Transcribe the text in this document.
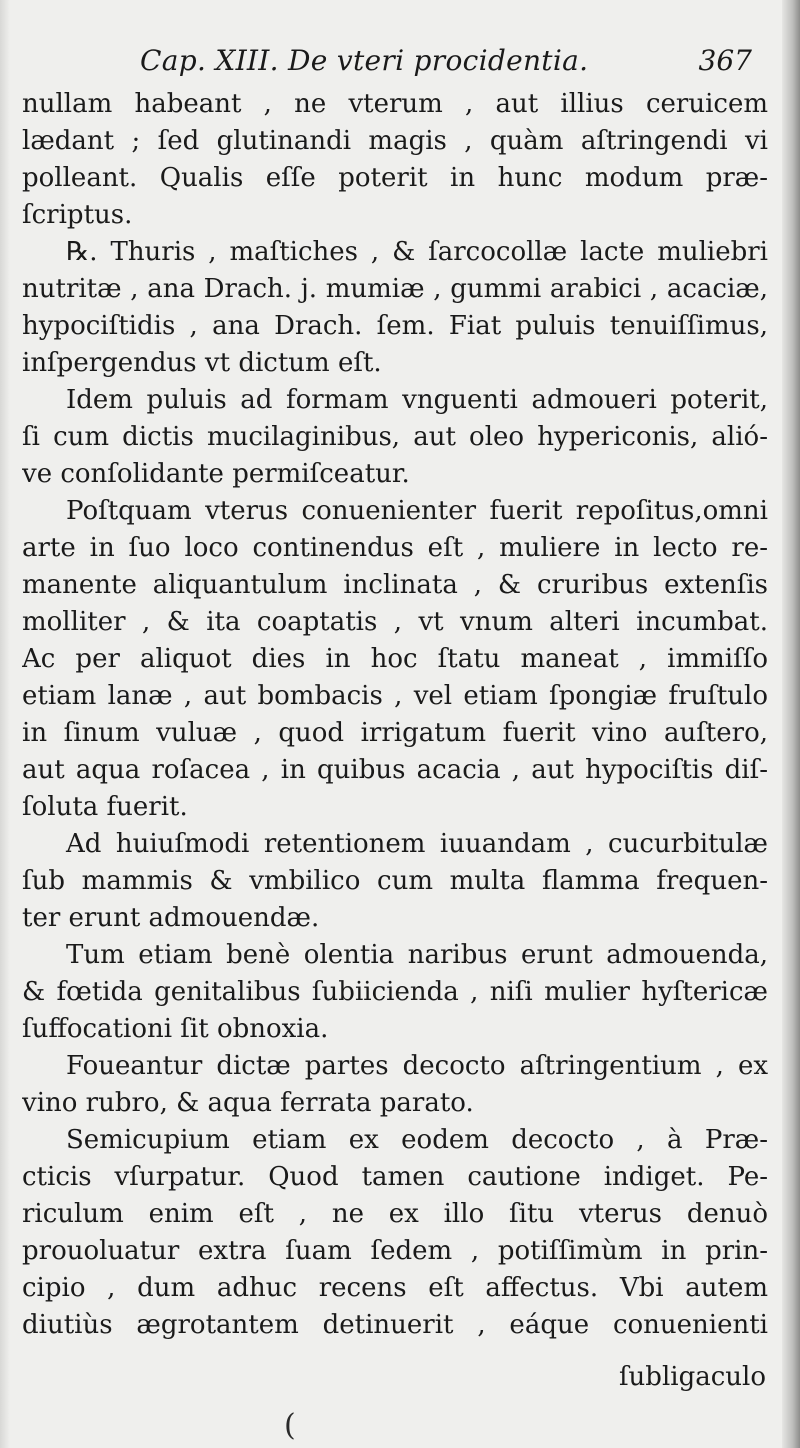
Cap. XIII. De vteri procidentia.	367
nullam habeant , ne vterum , aut illius ceruicem
lædant ; ſed glutinandi magis , quàm aſtringendi vi
polleant. Qualis eſſe poterit in hunc modum præ-
ſcriptus.
℞. Thuris , maſtiches , & ſarcocollæ lacte muliebri
nutritæ , ana Drach. j. mumiæ , gummi arabici , acaciæ,
hypociſtidis , ana Drach. ſem. Fiat puluis tenuiſſimus,
inſpergendus vt dictum eſt.
Idem puluis ad formam vnguenti admoueri poterit,
ſi cum dictis mucilaginibus, aut oleo hypericonis, alió-
ve conſolidante permiſceatur.
Poſtquam vterus conuenienter fuerit repoſitus,omni
arte in ſuo loco continendus eſt , muliere in lecto re-
manente aliquantulum inclinata , & cruribus extenſis
molliter , & ita coaptatis , vt vnum alteri incumbat.
Ac per aliquot dies in hoc ſtatu maneat , immiſſo
etiam lanæ , aut bombacis , vel etiam ſpongiæ fruſtulo
in ſinum vuluæ , quod irrigatum fuerit vino auſtero,
aut aqua roſacea , in quibus acacia , aut hypociſtis diſ-
ſoluta fuerit.
Ad huiuſmodi retentionem iuuandam , cucurbitulæ
ſub mammis & vmbilico cum multa flamma frequen-
ter erunt admouendæ.
Tum etiam benè olentia naribus erunt admouenda,
& fœtida genitalibus ſubiicienda , niſi mulier hyſtericæ
ſuffocationi ſit obnoxia.
Foueantur dictæ partes decocto aſtringentium , ex
vino rubro, & aqua ferrata parato.
Semicupium etiam ex eodem decocto , à Præ-
cticis vſurpatur. Quod tamen cautione indiget. Pe-
riculum enim eſt , ne ex illo ſitu vterus denuò
prouoluatur extra ſuam ſedem , potiſſimùm in prin-
cipio , dum adhuc recens eſt affectus. Vbi autem
diutiùs ægrotantem detinuerit , eáque conuenienti
ſubligaculo
(
